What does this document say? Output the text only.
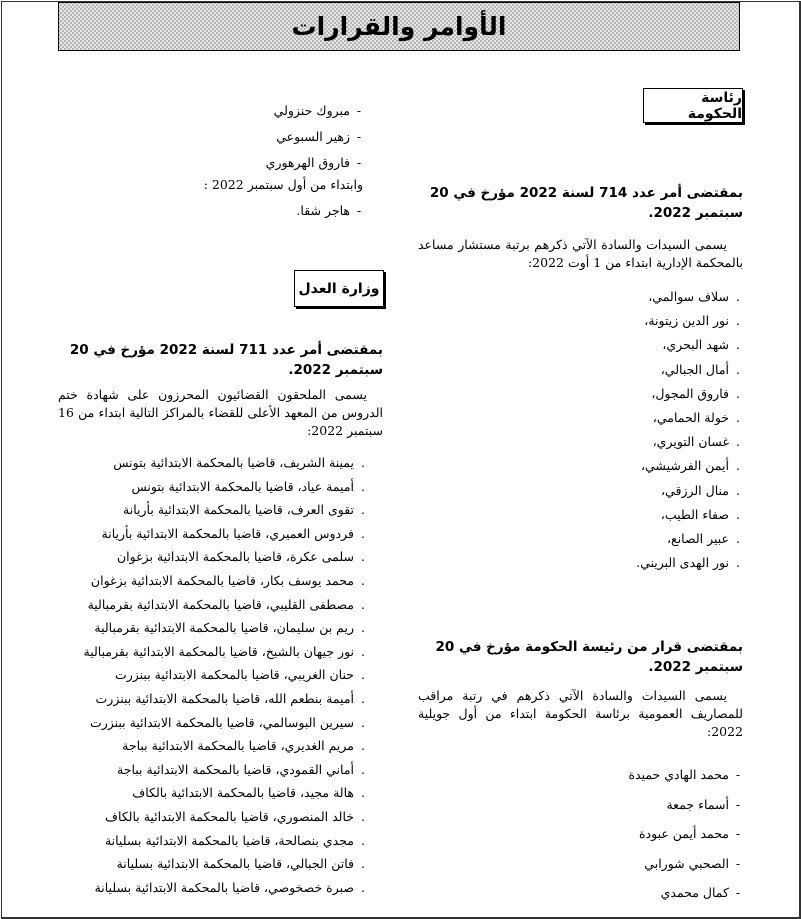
الأوامر والقرارات
رئاسة الحكومة

بمقتضى أمر عدد 714 لسنة 2022 مؤرخ في 20 سبتمبر 2022.

يسمى السيدات والسادة الآتي ذكرهم برتبة مستشار مساعد بالمحكمة الإدارية ابتداء من 1 أوت 2022:

.سلاف سوالمي،
.نور الدين زيتونة،
.شهد البحري،
.أمال الجبالي،
.فاروق المجول،
.خولة الحمامي،
.غسان التويري،
.أيمن الفرشيشي،
.منال الرزقي،
.صفاء الطيب،
.عبير الصانع،
.نور الهدى البريني.

بمقتضى قرار من رئيسة الحكومة مؤرخ في 20 سبتمبر 2022.

يسمى السيدات والسادة الآتي ذكرهم في رتبة مراقب للمصاريف العمومية برئاسة الحكومة ابتداء من أول جويلية 2022:

-محمد الهادي حميدة
-أسماء جمعة
-محمد أيمن عبودة
-الصحبي شورابي
-كمال محمدي
-مبروك حنزولي
-زهير السبوعي
-فاروق الهرهوري
وابتداء من أول سبتمبر 2022 :
-هاجر شقا.
وزارة العدل

بمقتضى أمر عدد 711 لسنة 2022 مؤرخ في 20 سبتمبر 2022.

يسمى الملحقون القضائيون المحرزون على شهادة ختم الدروس من المعهد الأعلى للقضاء بالمراكز التالية ابتداء من 16 سبتمبر 2022:

.يمينة الشريف، قاضيا بالمحكمة الابتدائية بتونس
.أميمة عياد، قاضيا بالمحكمة الابتدائية بتونس
.تقوى العرف، قاضيا بالمحكمة الابتدائية بأريانة
.فردوس العميري، قاضيا بالمحكمة الابتدائية بأريانة
.سلمى عكرة، قاضيا بالمحكمة الابتدائية بزغوان
.محمد يوسف بكار، قاضيا بالمحكمة الابتدائية بزغوان
.مصطفى القليبي، قاضيا بالمحكمة الابتدائية بقرمبالية
.ريم بن سليمان، قاضيا بالمحكمة الابتدائية بقرمبالية
.نور جيهان بالشيخ، قاضيا بالمحكمة الابتدائية بقرمبالية
.حنان الغريبي، قاضيا بالمحكمة الابتدائية ببنزرت
.أميمة بنطعم الله، قاضيا بالمحكمة الابتدائية ببنزرت
.سيرين البوسالمي، قاضيا بالمحكمة الابتدائية ببنزرت
.مريم الغديري، قاضيا بالمحكمة الابتدائية بباجة
.أماني القمودي، قاضيا بالمحكمة الابتدائية بباجة
.هالة مجيد، قاضيا بالمحكمة الابتدائية بالكاف
.خالد المنصوري، قاضيا بالمحكمة الابتدائية بالكاف
.مجدي بنصالحة، قاضيا بالمحكمة الابتدائية بسليانة
.فاتن الجبالي، قاضيا بالمحكمة الابتدائية بسليانة
.صبرة خصخوصي، قاضيا بالمحكمة الابتدائية بسليانة
